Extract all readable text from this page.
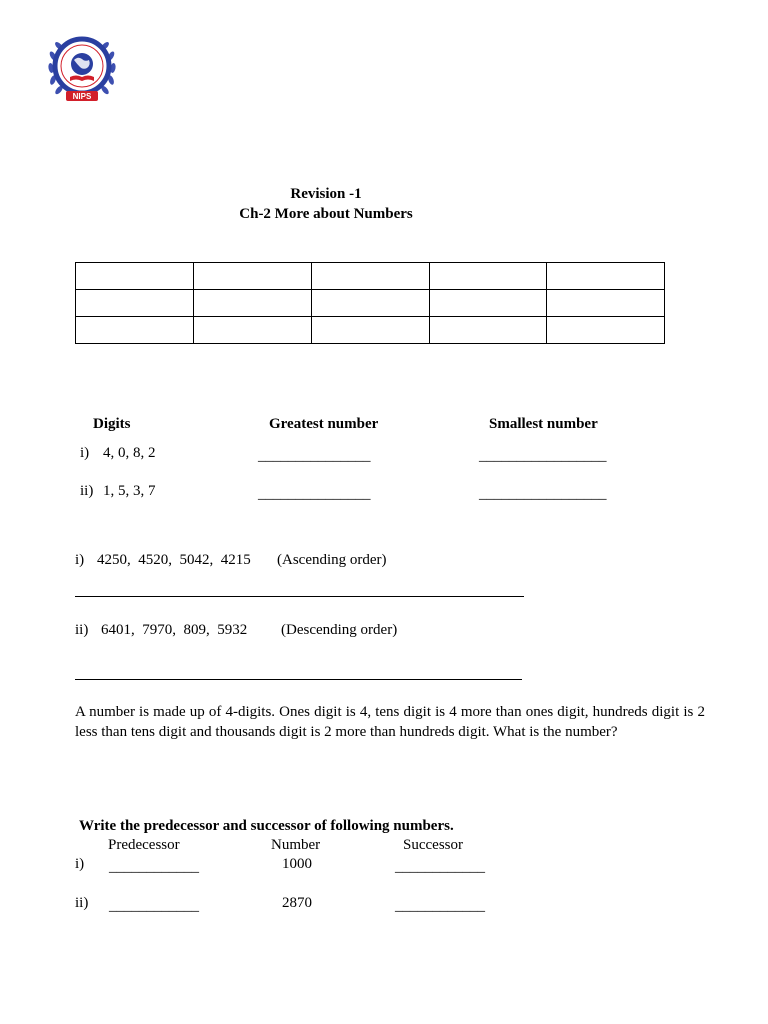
NIPS
Revision -1
Ch-2 More about Numbers

Digits	Greatest number	Smallest number
i) 4, 0, 8, 2	_______________	_________________
ii) 1, 5, 3, 7	_______________	_________________
i) 4250,  4520,  5042,  4215 (Ascending order)
ii) 6401,  7970,  809,  5932 (Descending order)
A number is made up of 4-digits. Ones digit is 4, tens digit is 4 more than ones digit, hundreds digit is 2 less than tens digit and thousands digit is 2 more than hundreds digit. What is the number?
Write the predecessor and successor of following numbers.
Predecessor	Number	Successor
i) ____________	1000	____________
ii) ____________	2870	____________
